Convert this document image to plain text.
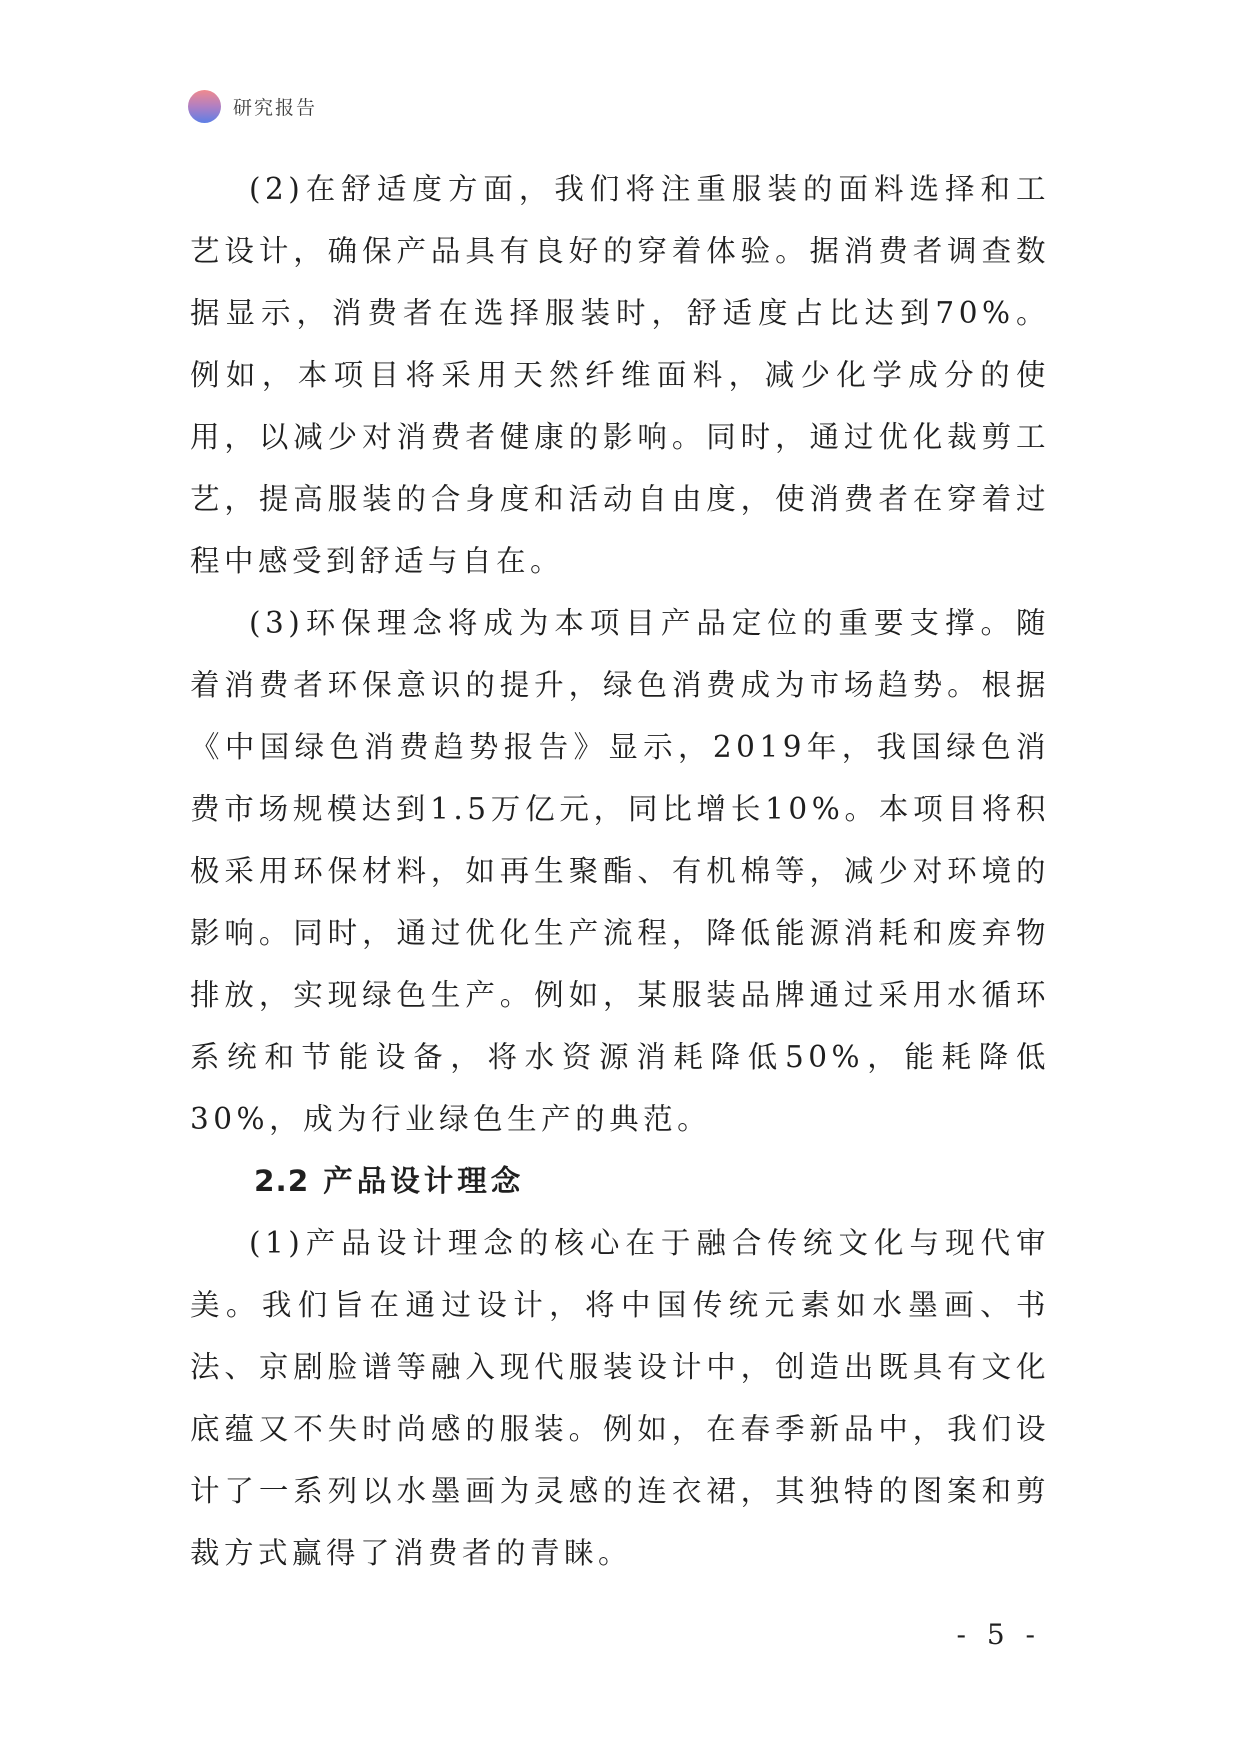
研究报告

(2)在舒适度方面，我们将注重服装的面料选择和工艺设计，确保产品具有良好的穿着体验。据消费者调查数据显示，消费者在选择服装时，舒适度占比达到70%。例如，本项目将采用天然纤维面料，减少化学成分的使用，以减少对消费者健康的影响。同时，通过优化裁剪工艺，提高服装的合身度和活动自由度，使消费者在穿着过程中感受到舒适与自在。

(3)环保理念将成为本项目产品定位的重要支撑。随着消费者环保意识的提升，绿色消费成为市场趋势。根据《中国绿色消费趋势报告》显示，2019年，我国绿色消费市场规模达到1.5万亿元，同比增长10%。本项目将积极采用环保材料，如再生聚酯、有机棉等，减少对环境的影响。同时，通过优化生产流程，降低能源消耗和废弃物排放，实现绿色生产。例如，某服装品牌通过采用水循环系统和节能设备，将水资源消耗降低50%，能耗降低30%，成为行业绿色生产的典范。

2.2 产品设计理念

(1)产品设计理念的核心在于融合传统文化与现代审美。我们旨在通过设计，将中国传统元素如水墨画、书法、京剧脸谱等融入现代服装设计中，创造出既具有文化底蕴又不失时尚感的服装。例如，在春季新品中，我们设计了一系列以水墨画为灵感的连衣裙，其独特的图案和剪裁方式赢得了消费者的青睐。

- 5 -
